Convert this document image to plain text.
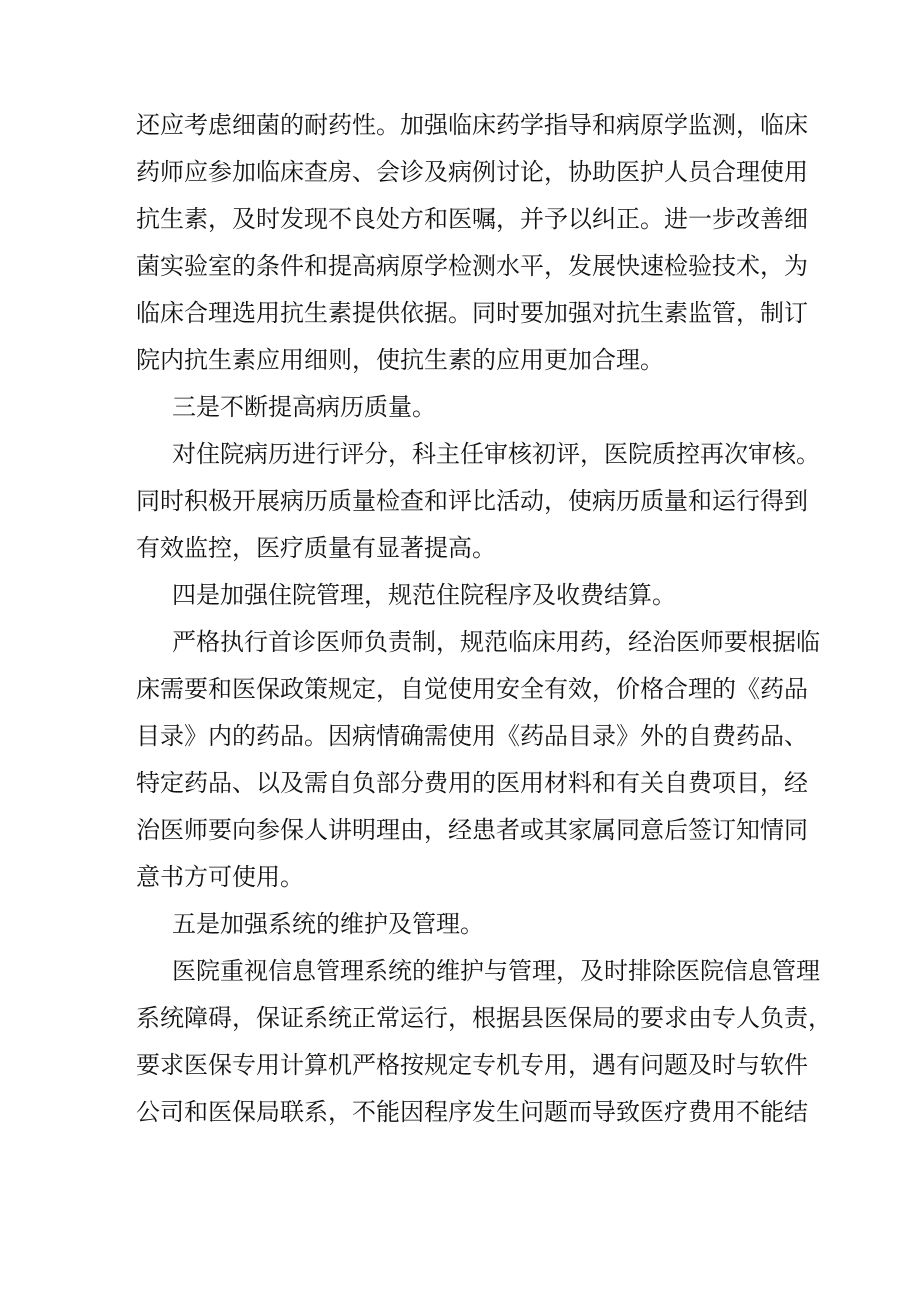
还应考虑细菌的耐药性。加强临床药学指导和病原学监测，临床
药师应参加临床查房、会诊及病例讨论，协助医护人员合理使用
抗生素，及时发现不良处方和医嘱，并予以纠正。进一步改善细
菌实验室的条件和提高病原学检测水平，发展快速检验技术，为
临床合理选用抗生素提供依据。同时要加强对抗生素监管，制订
院内抗生素应用细则，使抗生素的应用更加合理。
三是不断提高病历质量。
对住院病历进行评分，科主任审核初评，医院质控再次审核。
同时积极开展病历质量检查和评比活动，使病历质量和运行得到
有效监控，医疗质量有显著提高。
四是加强住院管理，规范住院程序及收费结算。
严格执行首诊医师负责制，规范临床用药，经治医师要根据临
床需要和医保政策规定，自觉使用安全有效，价格合理的《药品
目录》内的药品。因病情确需使用《药品目录》外的自费药品、
特定药品、以及需自负部分费用的医用材料和有关自费项目，经
治医师要向参保人讲明理由，经患者或其家属同意后签订知情同
意书方可使用。
五是加强系统的维护及管理。
医院重视信息管理系统的维护与管理，及时排除医院信息管理
系统障碍，保证系统正常运行，根据县医保局的要求由专人负责，
要求医保专用计算机严格按规定专机专用，遇有问题及时与软件
公司和医保局联系，不能因程序发生问题而导致医疗费用不能结
